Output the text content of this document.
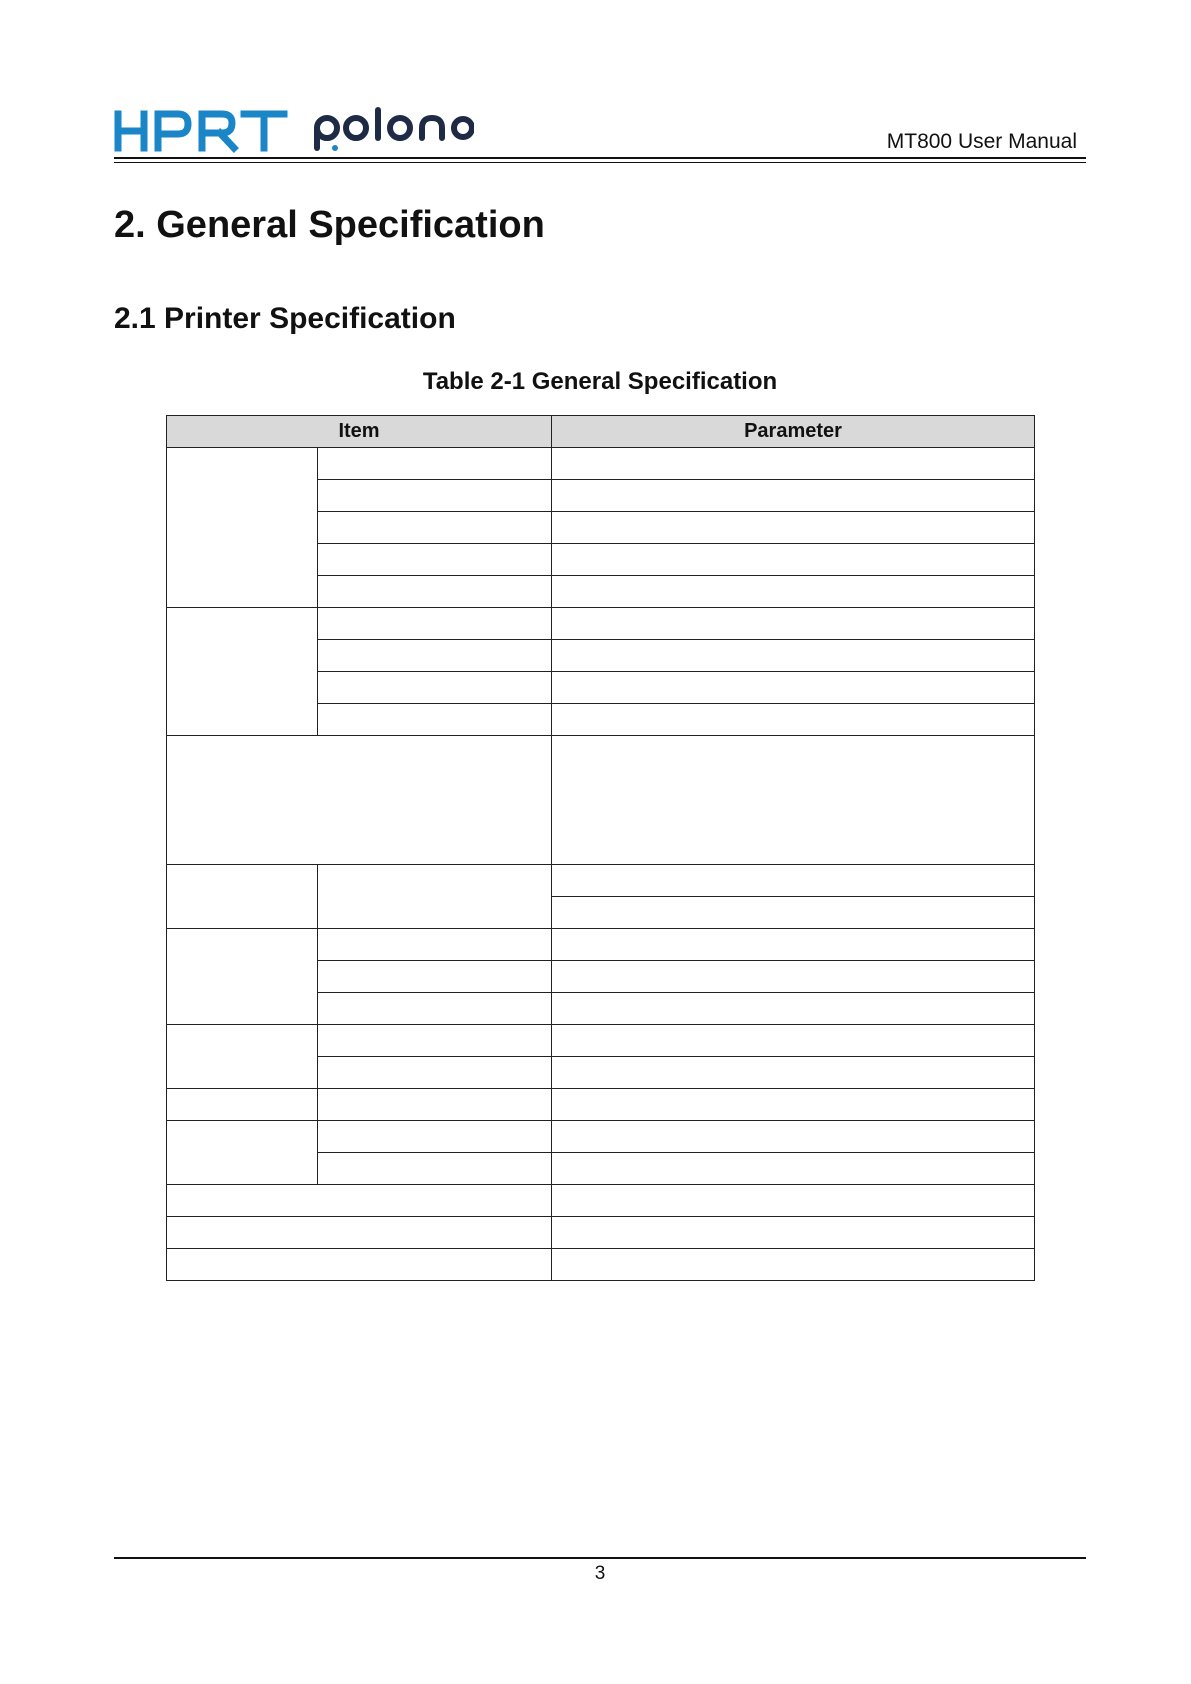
MT800 User Manual
2. General Specification
2.1 Printer Specification

Table 2-1 General Specification

Item		Parameter

3
